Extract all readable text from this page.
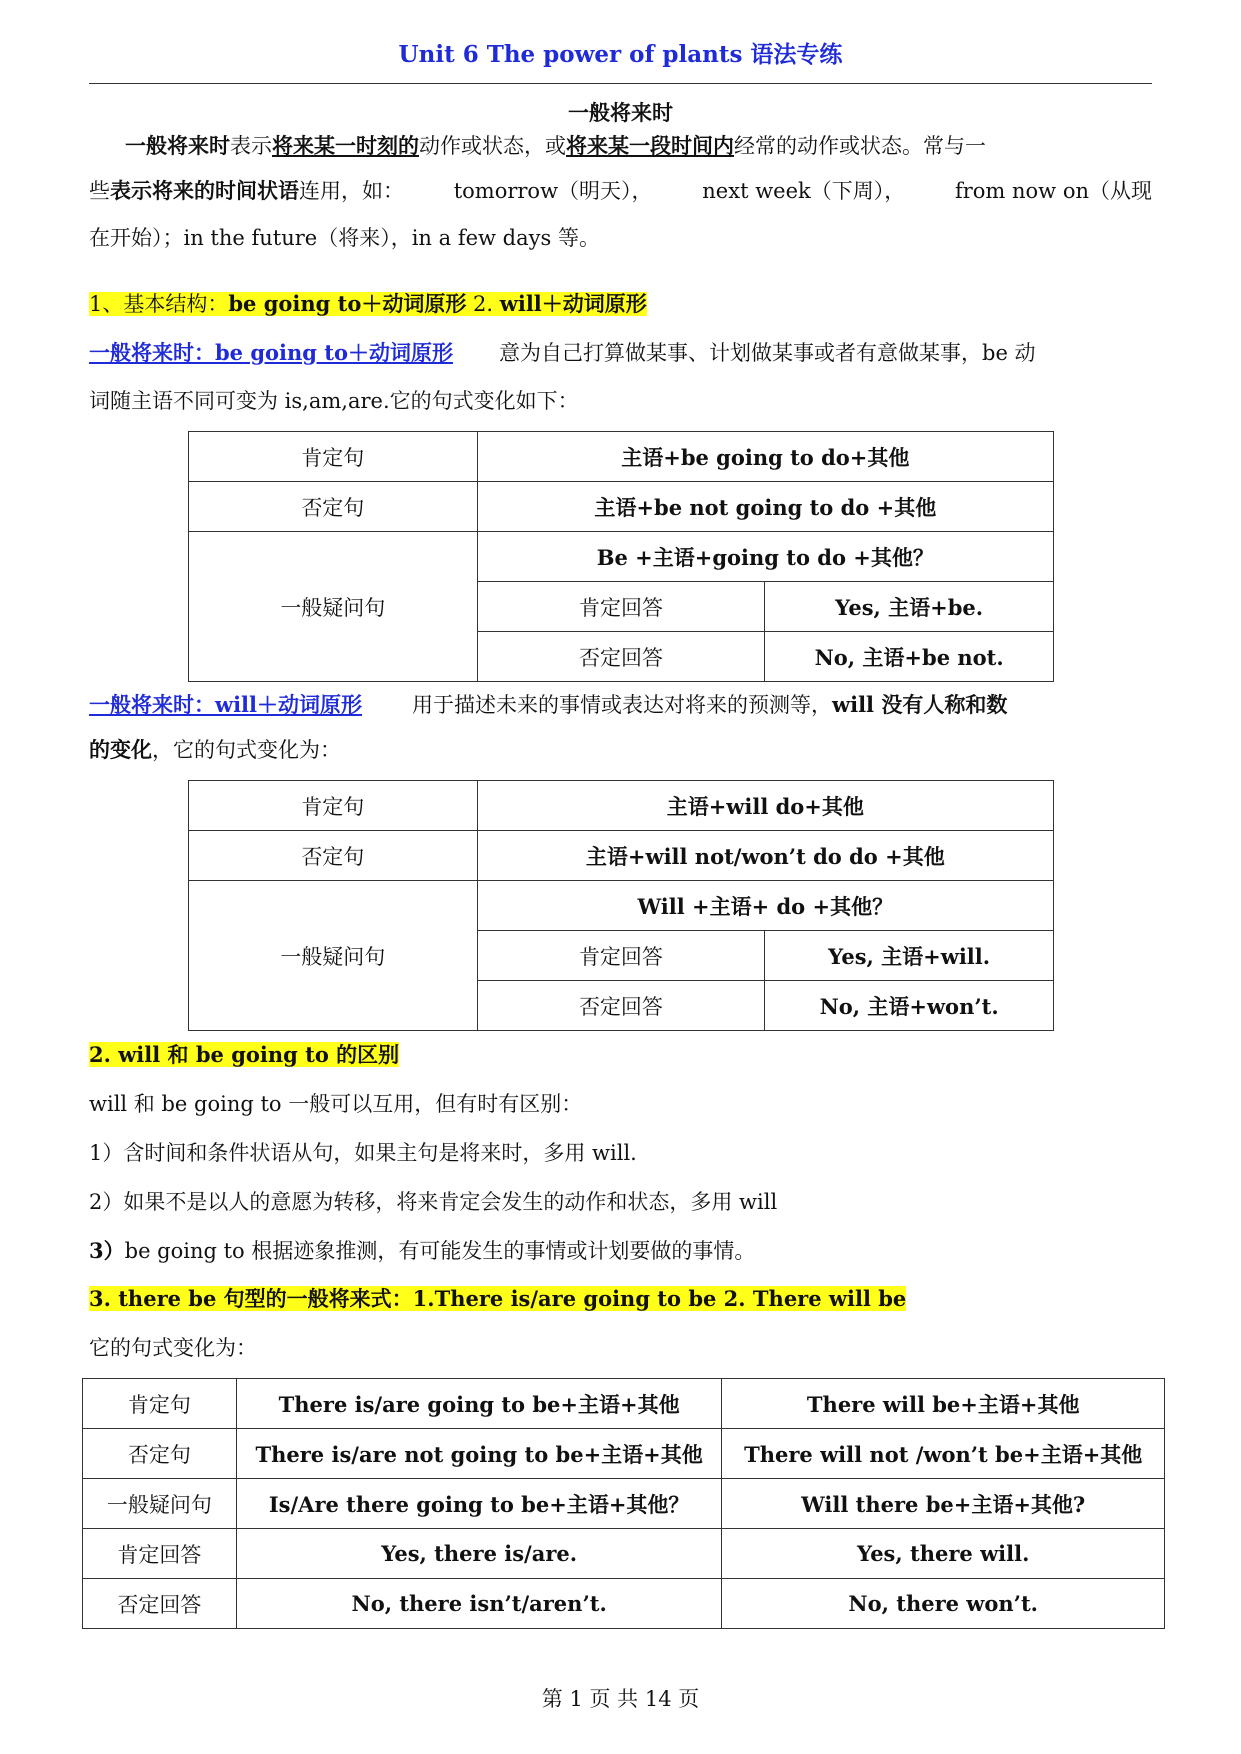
Unit 6 The power of plants 语法专练
一般将来时
一般将来时表示将来某一时刻的动作或状态，或将来某一段时间内经常的动作或状态。常与一
些表示将来的时间状语连用，如： tomorrow（明天）， next week（下周）， from now on（从现
在开始）；in the future（将来），in a few days 等。
1、基本结构：be going to＋动词原形 2. will＋动词原形
一般将来时：be going to＋动词原形 意为自己打算做某事、计划做某事或者有意做某事，be 动
词随主语不同可变为 is,am,are.它的句式变化如下：
肯定句	主语+be going to do+其他	
否定句	主语+be not going to do +其他	
一般疑问句	Be +主语+going to do +其他？	
	肯定回答	Yes, 主语+be.
	否定回答	No, 主语+be not.
一般将来时：will＋动词原形 用于描述未来的事情或表达对将来的预测等，will 没有人称和数
的变化，它的句式变化为：
肯定句	主语+will do+其他	
否定句	主语+will not/won’t do do +其他	
一般疑问句	Will +主语+ do +其他？	
	肯定回答	Yes, 主语+will.
	否定回答	No, 主语+won’t.
2. will 和 be going to 的区别
will 和 be going to 一般可以互用，但有时有区别：
1）含时间和条件状语从句，如果主句是将来时，多用 will.
2）如果不是以人的意愿为转移，将来肯定会发生的动作和状态，多用 will
3）be going to 根据迹象推测，有可能发生的事情或计划要做的事情。
3. there be 句型的一般将来式：1.There is/are going to be 2. There will be
它的句式变化为：
肯定句	There is/are going to be+主语+其他	There will be+主语+其他
否定句	There is/are not going to be+主语+其他	There will not /won’t be+主语+其他
一般疑问句	Is/Are there going to be+主语+其他？	Will there be+主语+其他?
肯定回答	Yes, there is/are.	Yes, there will.
否定回答	No, there isn’t/aren’t.	No, there won’t.
第 1 页 共 14 页
